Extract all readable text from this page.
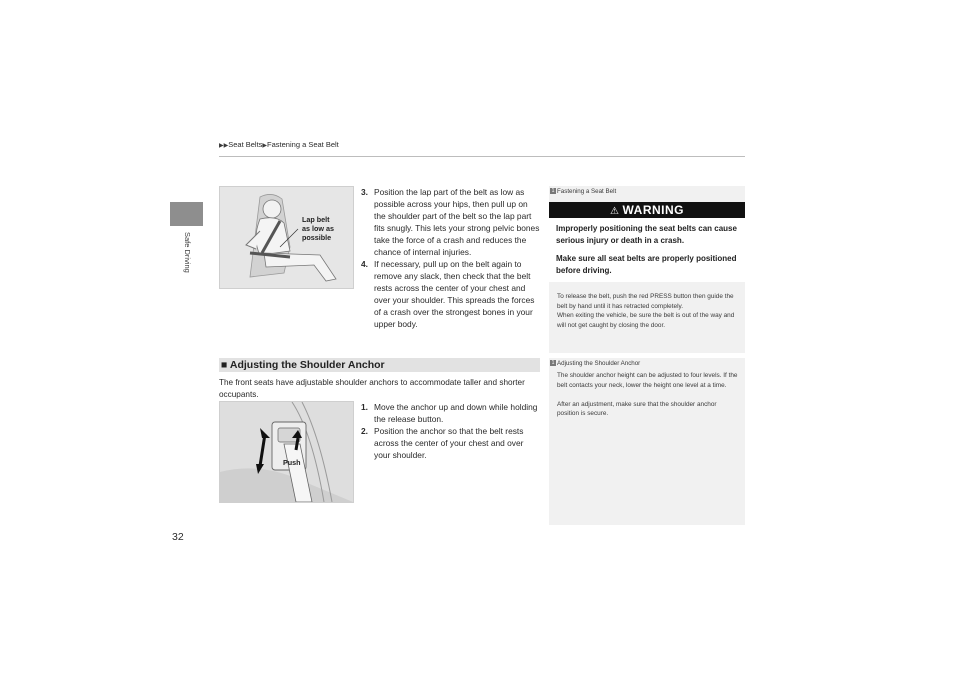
Safe Driving
32
▶▶Seat Belts▶Fastening a Seat Belt
Lap belt
as low as
possible

3. Position the lap part of the belt as low as possible across your hips, then pull up on the shoulder part of the belt so the lap part fits snugly. This lets your strong pelvic bones take the force of a crash and reduces the chance of internal injuries.

4. If necessary, pull up on the belt again to remove any slack, then check that the belt rests across the center of your chest and over your shoulder. This spreads the forces of a crash over the strongest bones in your upper body.

■ Adjusting the Shoulder Anchor
The front seats have adjustable shoulder anchors to accommodate taller and shorter occupants.
Push

1. Move the anchor up and down while holding the release button.

2. Position the anchor so that the belt rests across the center of your chest and over your shoulder.

1 Fastening a Seat Belt
⚠ WARNING
Improperly positioning the seat belts can cause serious injury or death in a crash.
Make sure all seat belts are properly positioned before driving.
To release the belt, push the red PRESS button then guide the belt by hand until it has retracted completely.
When exiting the vehicle, be sure the belt is out of the way and will not get caught by closing the door.
1 Adjusting the Shoulder Anchor
The shoulder anchor height can be adjusted to four levels. If the belt contacts your neck, lower the height one level at a time.
After an adjustment, make sure that the shoulder anchor position is secure.
